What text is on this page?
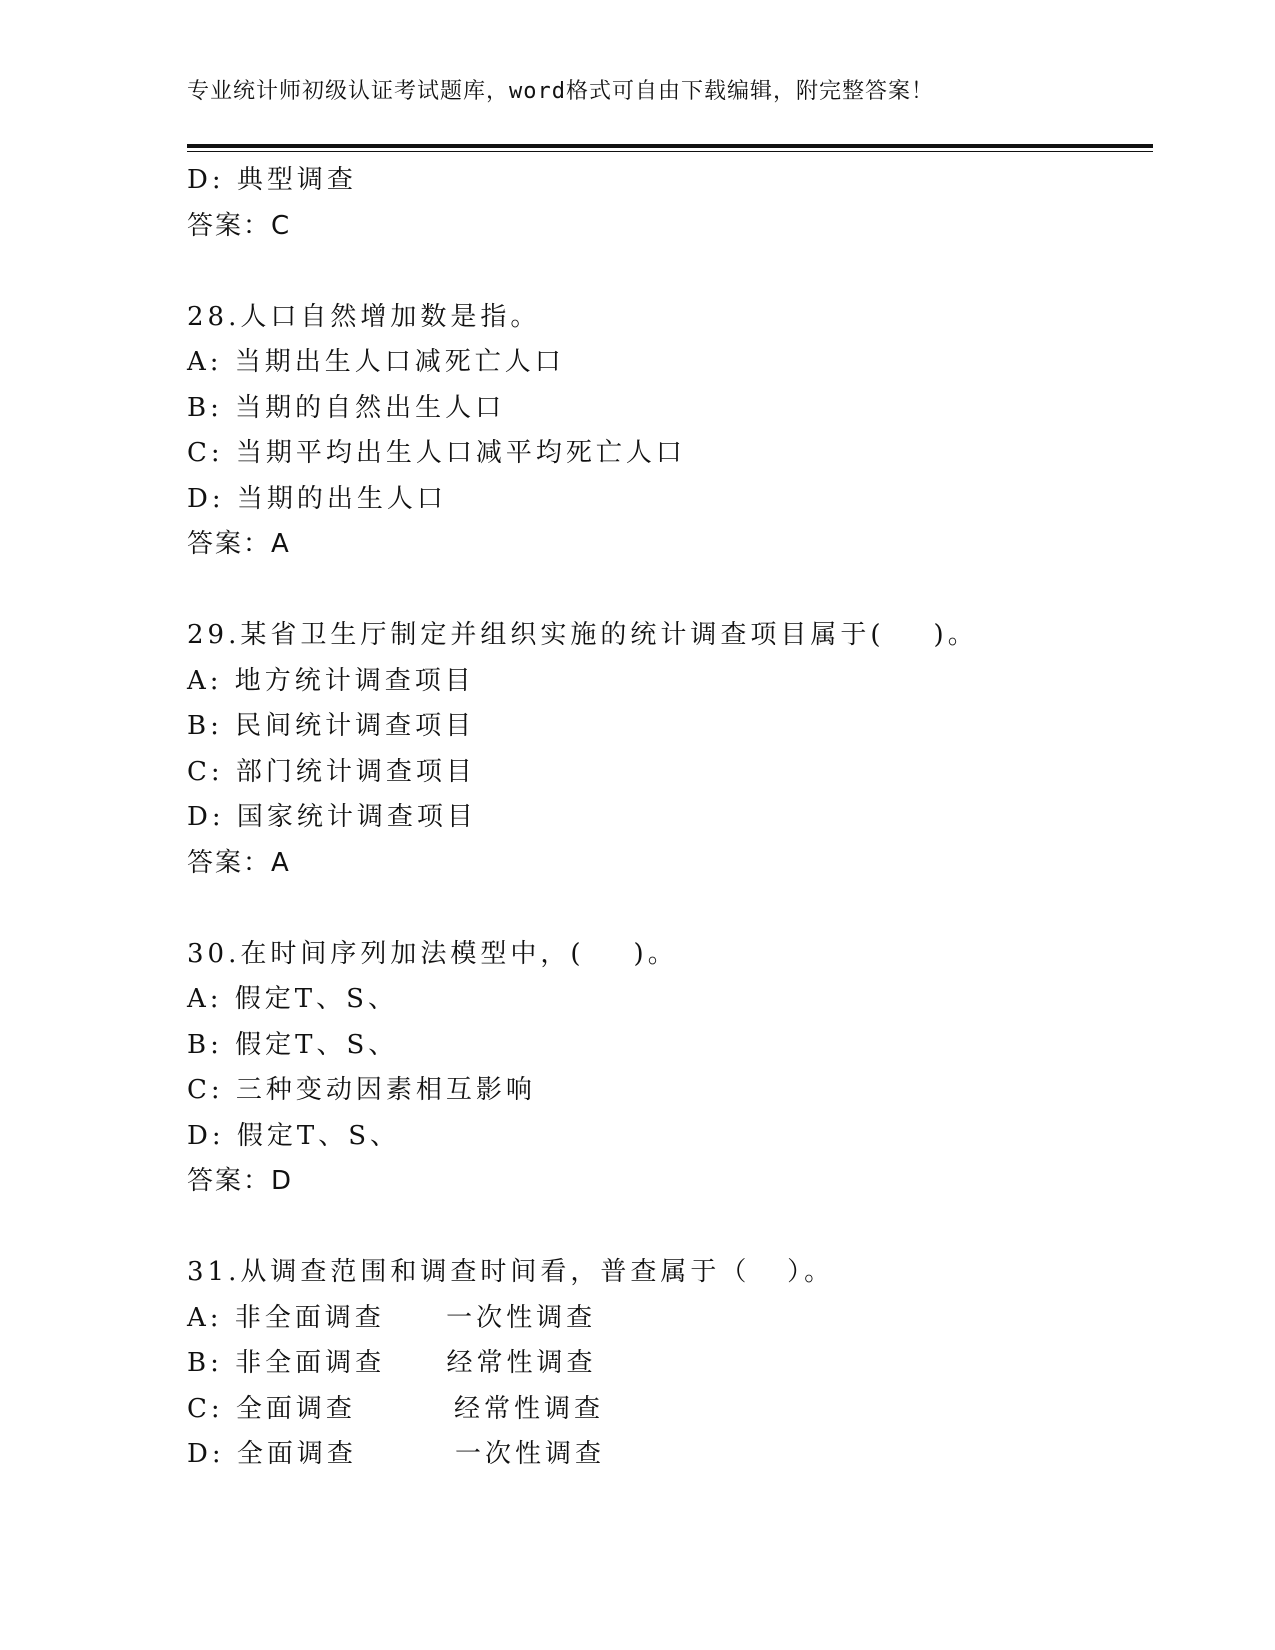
专业统计师初级认证考试题库，word格式可自由下载编辑，附完整答案！
D: 典型调查
答案：C
28.人口自然增加数是指。
A: 当期出生人口减死亡人口
B: 当期的自然出生人口
C: 当期平均出生人口减平均死亡人口
D: 当期的出生人口
答案：A
29.某省卫生厅制定并组织实施的统计调查项目属于(    )。
A: 地方统计调查项目
B: 民间统计调查项目
C: 部门统计调查项目
D: 国家统计调查项目
答案：A
30.在时间序列加法模型中，(    )。
A: 假定T、S、
B: 假定T、S、
C: 三种变动因素相互影响
D: 假定T、S、
答案：D
31.从调查范围和调查时间看，普查属于（   ）。
A: 非全面调查     一次性调查
B: 非全面调查     经常性调查
C: 全面调查        经常性调查
D: 全面调查        一次性调查
